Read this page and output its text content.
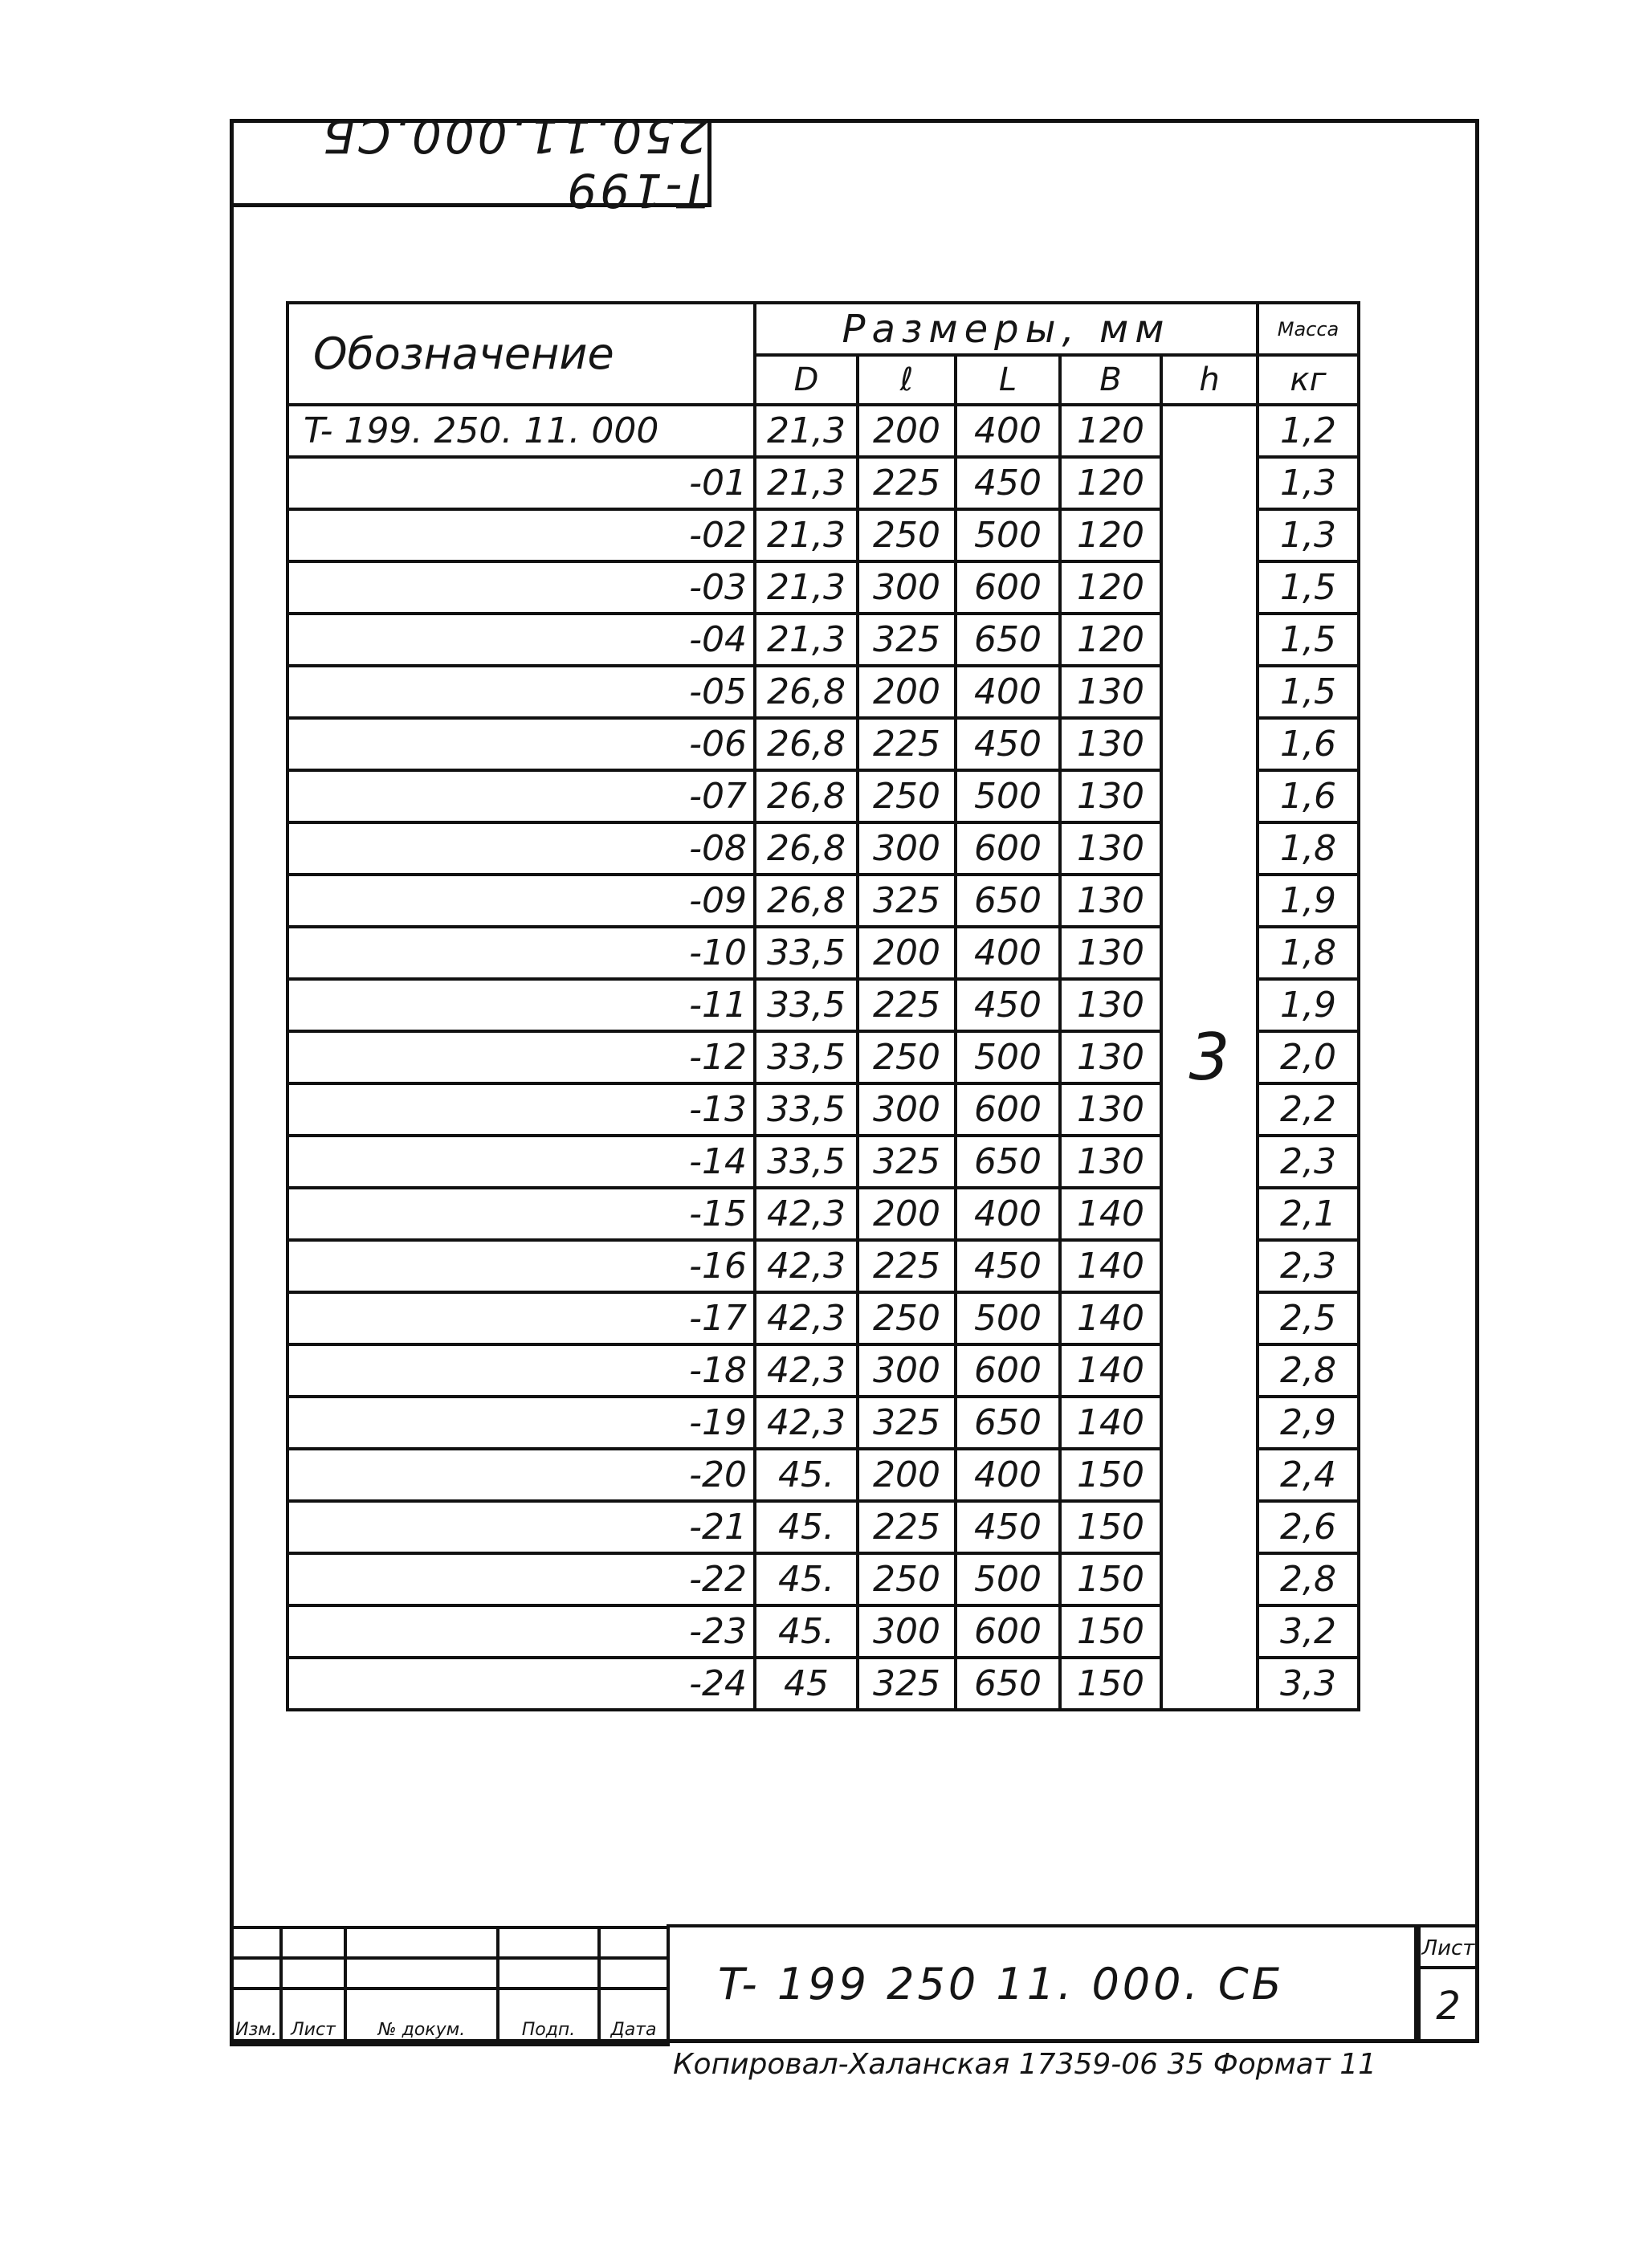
T-199 250.11.000.СБ
Обозначение	Размеры, мм					Масса
	D	ℓ	L	B	h	кг
T- 199. 250. 11. 000	21,3	200	400	120	3	1,2
-01	21,3	225	450	120		1,3
-02	21,3	250	500	120		1,3
-03	21,3	300	600	120		1,5
-04	21,3	325	650	120		1,5
-05	26,8	200	400	130		1,5
-06	26,8	225	450	130		1,6
-07	26,8	250	500	130		1,6
-08	26,8	300	600	130		1,8
-09	26,8	325	650	130		1,9
-10	33,5	200	400	130		1,8
-11	33,5	225	450	130		1,9
-12	33,5	250	500	130		2,0
-13	33,5	300	600	130		2,2
-14	33,5	325	650	130		2,3
-15	42,3	200	400	140		2,1
-16	42,3	225	450	140		2,3
-17	42,3	250	500	140		2,5
-18	42,3	300	600	140		2,8
-19	42,3	325	650	140		2,9
-20	45.	200	400	150		2,4
-21	45.	225	450	150		2,6
-22	45.	250	500	150		2,8
-23	45.	300	600	150		3,2
-24	45	325	650	150		3,3

Изм.	Лист	№ докум.	Подп.	Дата
T- 199 250 11. 000. СБ
Лист
2
Копировал-Халанская 17359-06 35 Формат 11
